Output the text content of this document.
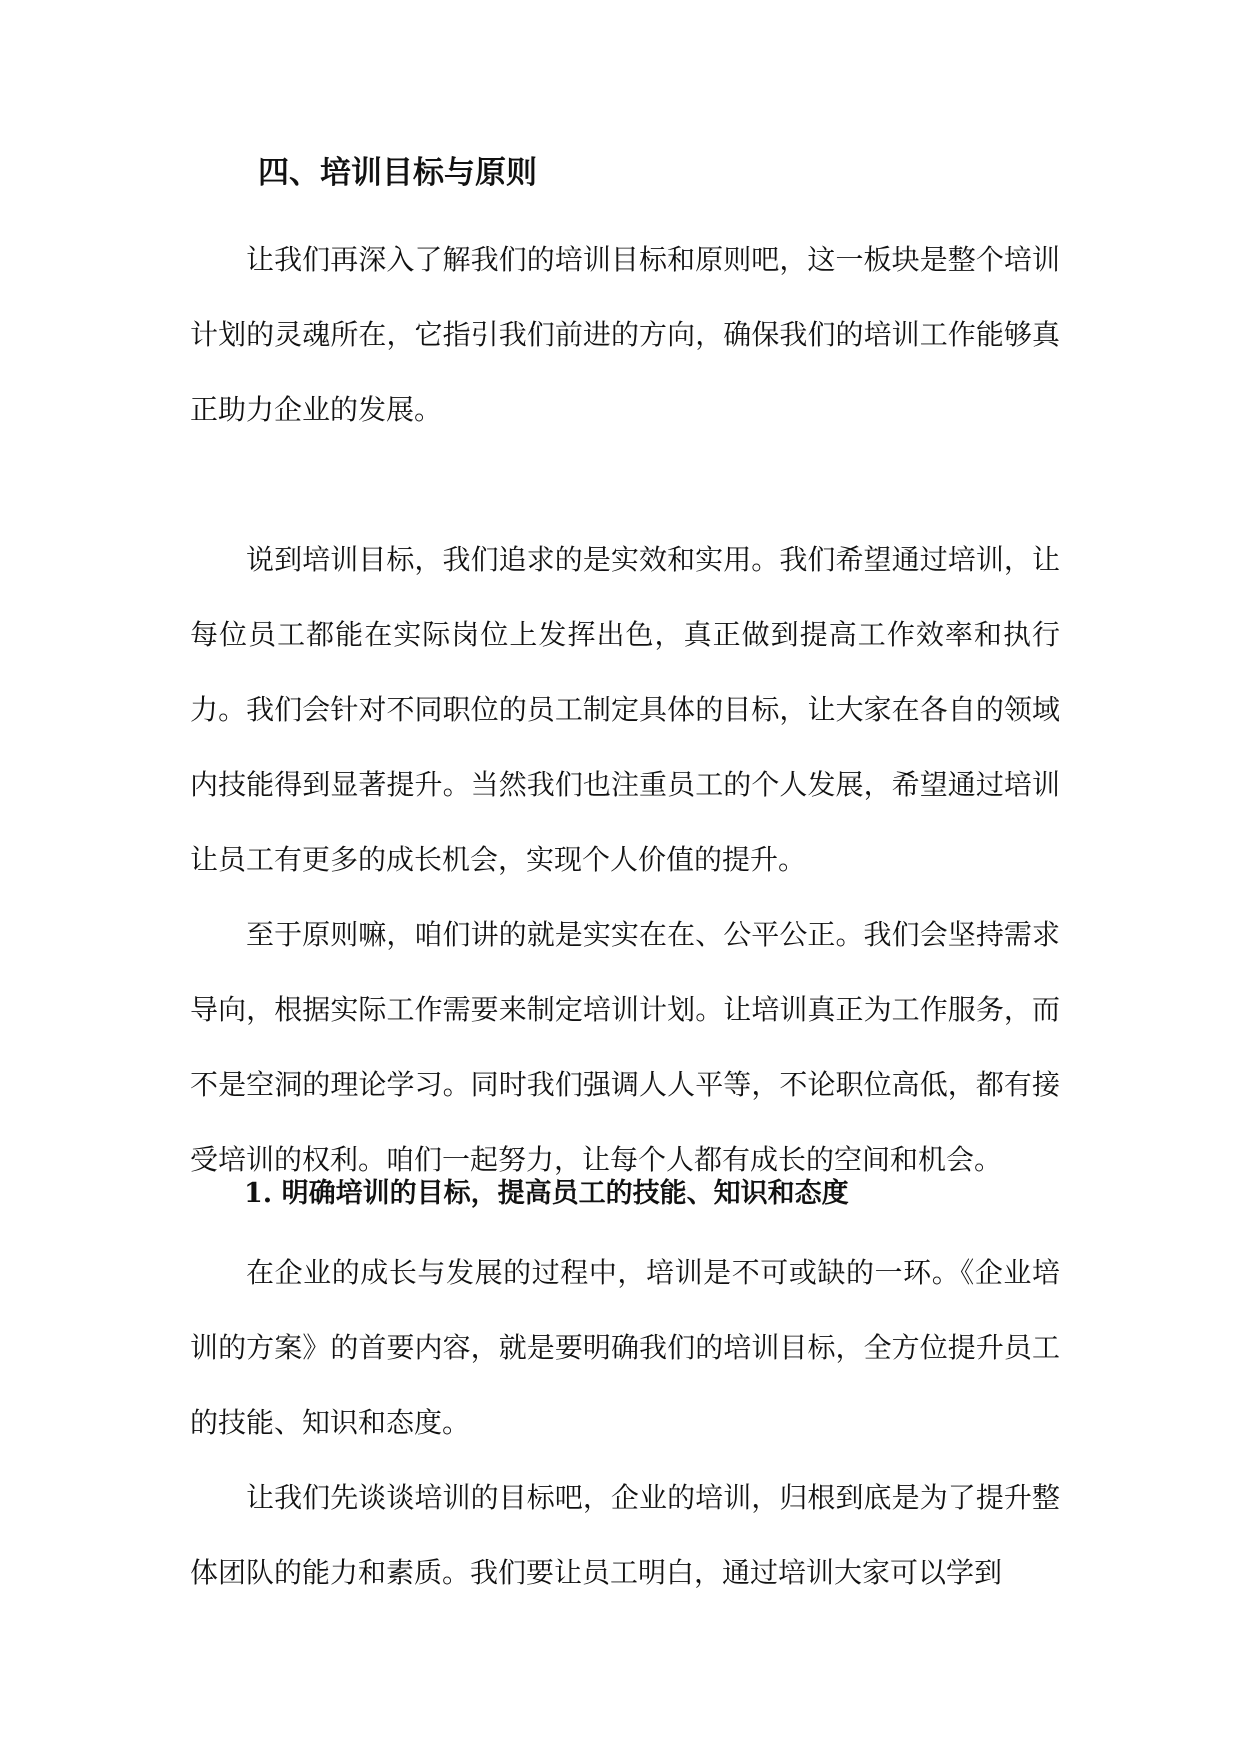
四、培训目标与原则

让我们再深入了解我们的培训目标和原则吧，这一板块是整个培训计划的灵魂所在，它指引我们前进的方向，确保我们的培训工作能够真正助力企业的发展。

说到培训目标，我们追求的是实效和实用。我们希望通过培训，让每位员工都能在实际岗位上发挥出色，真正做到提高工作效率和执行力。我们会针对不同职位的员工制定具体的目标，让大家在各自的领域内技能得到显著提升。当然我们也注重员工的个人发展，希望通过培训让员工有更多的成长机会，实现个人价值的提升。

至于原则嘛，咱们讲的就是实实在在、公平公正。我们会坚持需求导向，根据实际工作需要来制定培训计划。让培训真正为工作服务，而不是空洞的理论学习。同时我们强调人人平等，不论职位高低，都有接受培训的权利。咱们一起努力，让每个人都有成长的空间和机会。

1. 明确培训的目标，提高员工的技能、知识和态度

在企业的成长与发展的过程中，培训是不可或缺的一环。《企业培训的方案》的首要内容，就是要明确我们的培训目标，全方位提升员工的技能、知识和态度。

让我们先谈谈培训的目标吧，企业的培训，归根到底是为了提升整体团队的能力和素质。我们要让员工明白，通过培训大家可以学到
